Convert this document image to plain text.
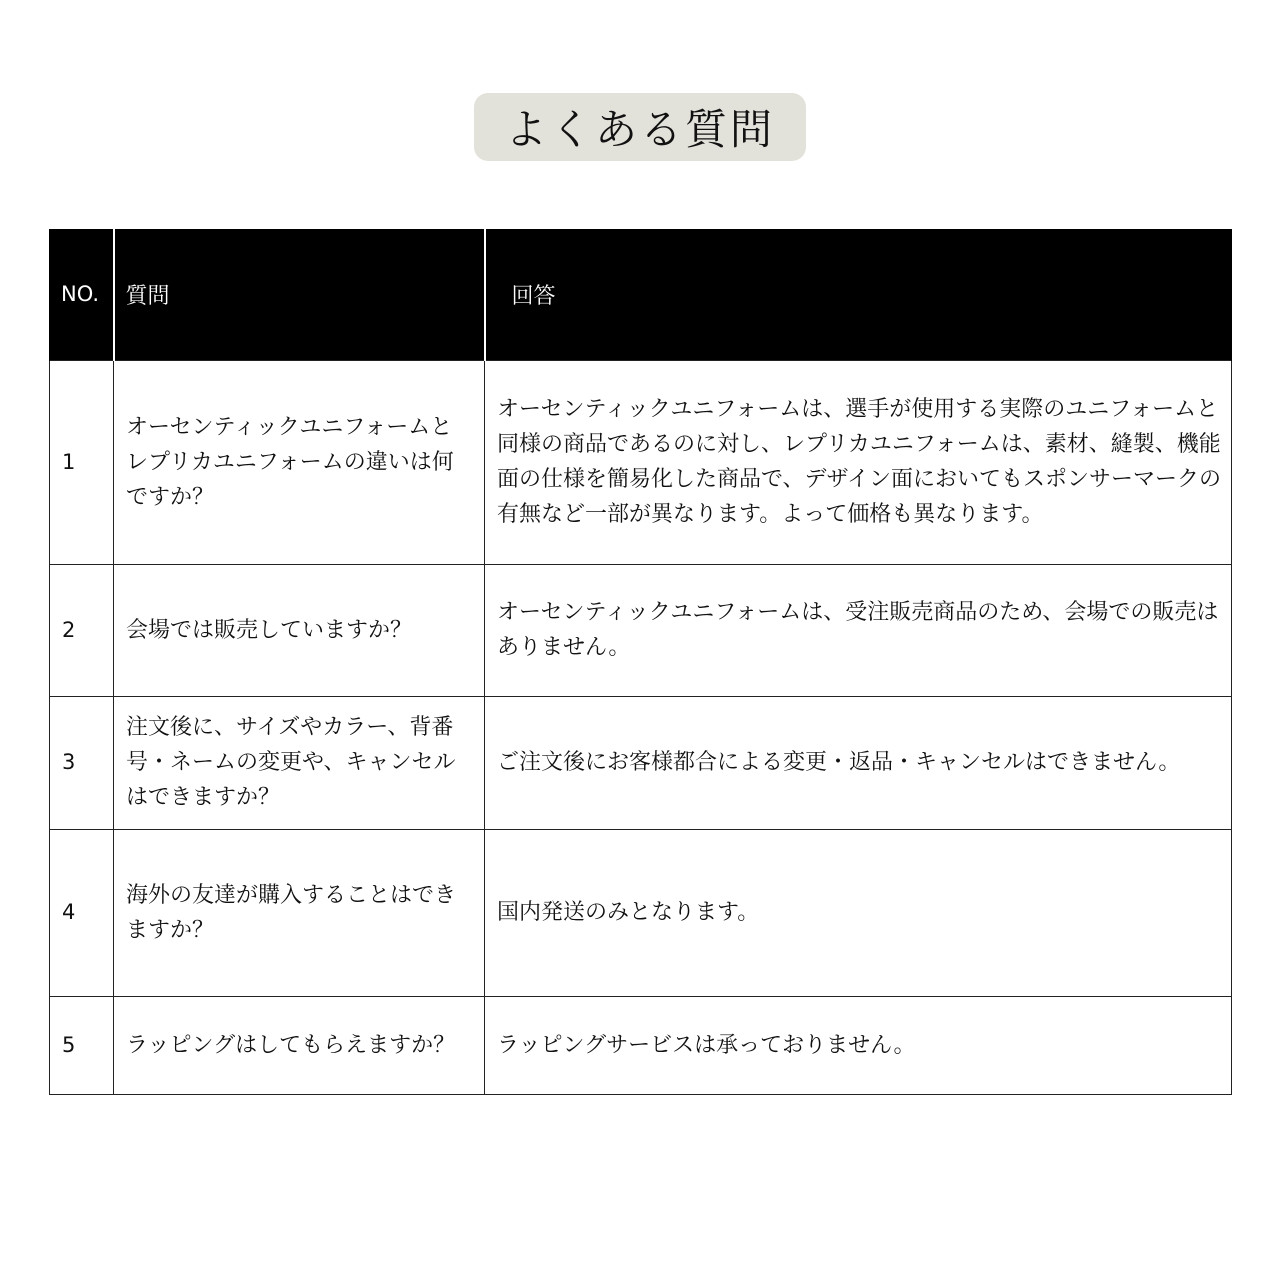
よくある質問
NO.	質問	回答
1	オーセンティックユニフォームとレプリカユニフォームの違いは何ですか？	オーセンティックユニフォームは、選手が使用する実際のユニフォームと同様の商品であるのに対し、レプリカユニフォームは、素材、縫製、機能面の仕様を簡易化した商品で、デザイン面においてもスポンサーマークの有無など一部が異なります。よって価格も異なります。
2	会場では販売していますか？	オーセンティックユニフォームは、受注販売商品のため、会場での販売はありません。
3	注文後に、サイズやカラー、背番号・ネームの変更や、キャンセルはできますか？	ご注文後にお客様都合による変更・返品・キャンセルはできません。
4	海外の友達が購入することはできますか？	国内発送のみとなります。
5	ラッピングはしてもらえますか？	ラッピングサービスは承っておりません。
